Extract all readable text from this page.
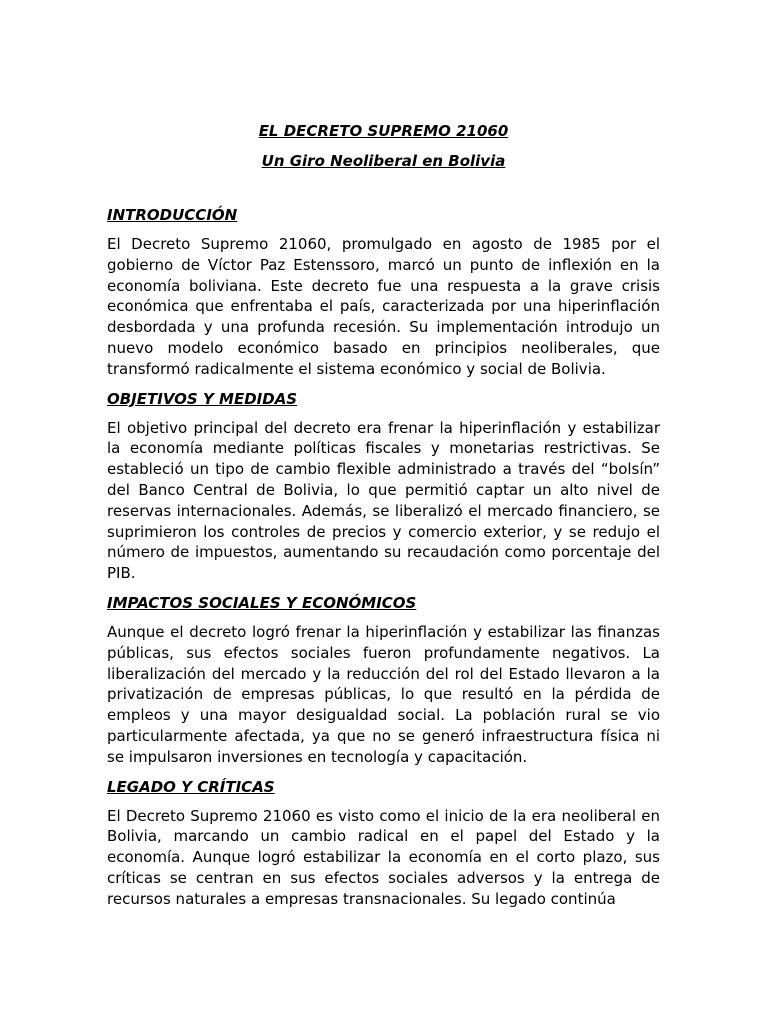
EL DECRETO SUPREMO 21060

Un Giro Neoliberal en Bolivia

INTRODUCCIÓN

El Decreto Supremo 21060, promulgado en agosto de 1985 por el gobierno de Víctor Paz Estenssoro, marcó un punto de inflexión en la economía boliviana. Este decreto fue una respuesta a la grave crisis económica que enfrentaba el país, caracterizada por una hiperinflación desbordada y una profunda recesión. Su implementación introdujo un nuevo modelo económico basado en principios neoliberales, que transformó radicalmente el sistema económico y social de Bolivia.

OBJETIVOS Y MEDIDAS

El objetivo principal del decreto era frenar la hiperinflación y estabilizar la economía mediante políticas fiscales y monetarias restrictivas. Se estableció un tipo de cambio flexible administrado a través del “bolsín” del Banco Central de Bolivia, lo que permitió captar un alto nivel de reservas internacionales. Además, se liberalizó el mercado financiero, se suprimieron los controles de precios y comercio exterior, y se redujo el número de impuestos, aumentando su recaudación como porcentaje del PIB.

IMPACTOS SOCIALES Y ECONÓMICOS

Aunque el decreto logró frenar la hiperinflación y estabilizar las finanzas públicas, sus efectos sociales fueron profundamente negativos. La liberalización del mercado y la reducción del rol del Estado llevaron a la privatización de empresas públicas, lo que resultó en la pérdida de empleos y una mayor desigualdad social. La población rural se vio particularmente afectada, ya que no se generó infraestructura física ni se impulsaron inversiones en tecnología y capacitación.

LEGADO Y CRÍTICAS

El Decreto Supremo 21060 es visto como el inicio de la era neoliberal en Bolivia, marcando un cambio radical en el papel del Estado y la economía. Aunque logró estabilizar la economía en el corto plazo, sus críticas se centran en sus efectos sociales adversos y la entrega de recursos naturales a empresas transnacionales. Su legado continúa
